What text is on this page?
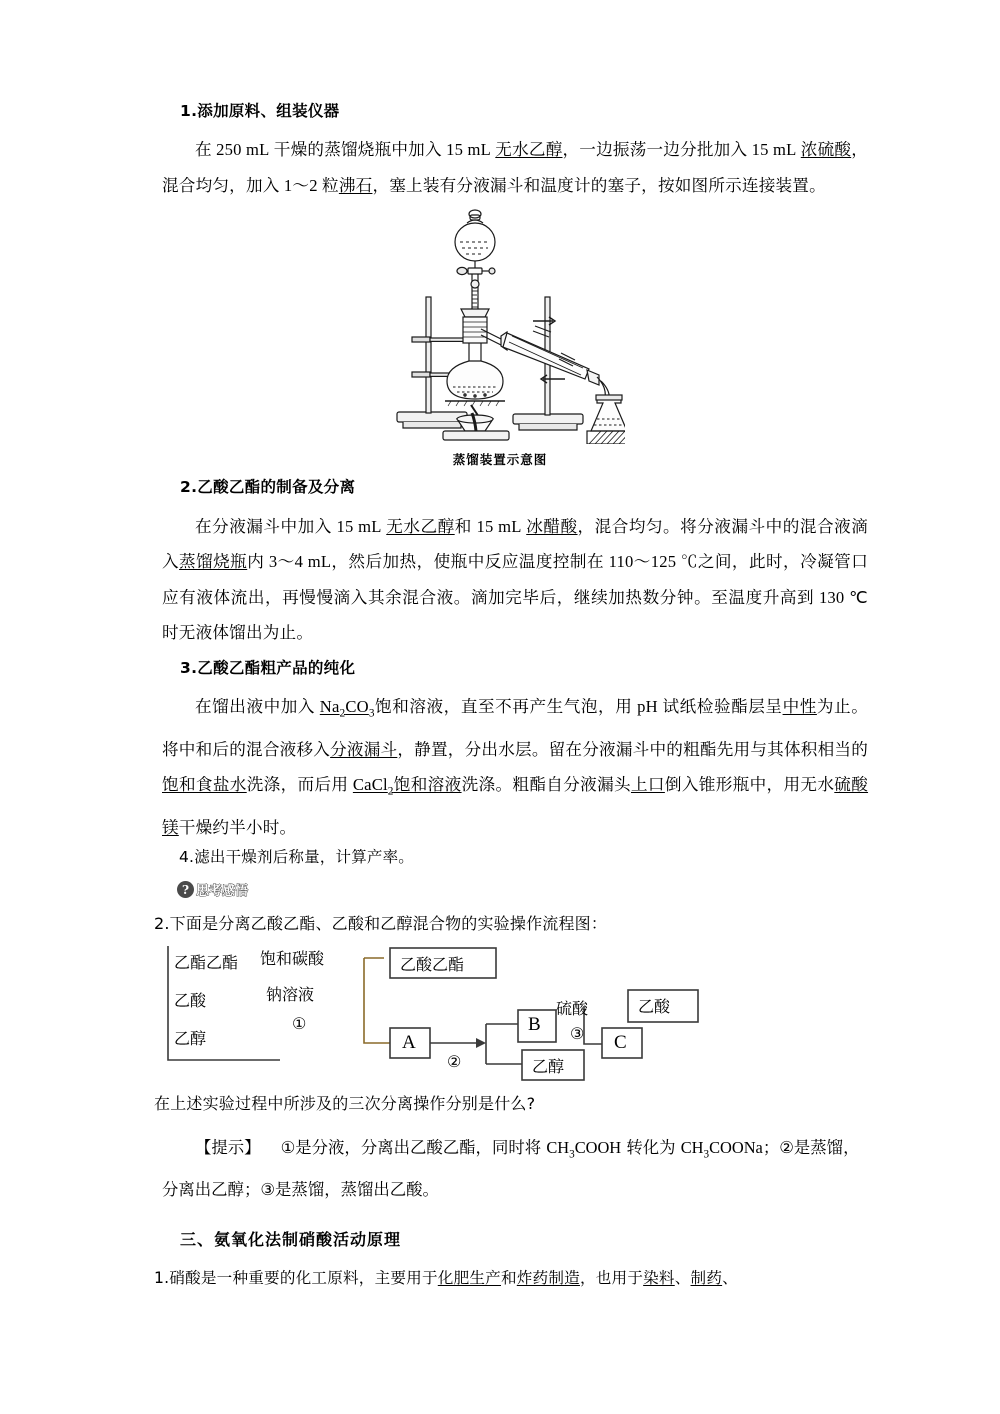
1.添加原料、组装仪器

在 250 mL 干燥的蒸馏烧瓶中加入 15 mL 无水乙醇，一边振荡一边分批加入 15 mL 浓硫酸，混合均匀，加入 1～2 粒沸石，塞上装有分液漏斗和温度计的塞子，按如图所示连接装置。

蒸馏装置示意图
2.乙酸乙酯的制备及分离

在分液漏斗中加入 15 mL 无水乙醇和 15 mL 冰醋酸，混合均匀。将分液漏斗中的混合液滴入蒸馏烧瓶内 3～4 mL，然后加热，使瓶中反应温度控制在 110～125 ℃之间，此时，冷凝管口应有液体流出，再慢慢滴入其余混合液。滴加完毕后，继续加热数分钟。至温度升高到 130 ℃时无液体馏出为止。

3.乙酸乙酯粗产品的纯化

在馏出液中加入 $Na_2CO_3$饱和溶液，直至不再产生气泡，用 pH 试纸检验酯层呈中性为止。将中和后的混合液移入分液漏斗，静置，分出水层。留在分液漏斗中的粗酯先用与其体积相当的饱和食盐水洗涤，而后用 CaCl$_2$饱和溶液洗涤。粗酯自分液漏头上口倒入锥形瓶中，用无水硫酸镁干燥约半小时。

4.滤出干燥剂后称量，计算产率。

? 思考感悟

2.下面是分离乙酸乙酯、乙酸和乙醇混合物的实验操作流程图：

乙酯乙酯
乙酸
乙醇
饱和碳酸
钠溶液
①
乙酸乙酯
A
②
B
硫酸
③
乙醇
C
乙酸

在上述实验过程中所涉及的三次分离操作分别是什么?

【提示】 ①是分液，分离出乙酸乙酯，同时将 $CH_3COOH$ 转化为 $CH_3COONa$；②是蒸馏，分离出乙醇；③是蒸馏，蒸馏出乙酸。

三、氨氧化法制硝酸活动原理

1.硝酸是一种重要的化工原料，主要用于化肥生产和炸药制造，也用于染料、制药、
